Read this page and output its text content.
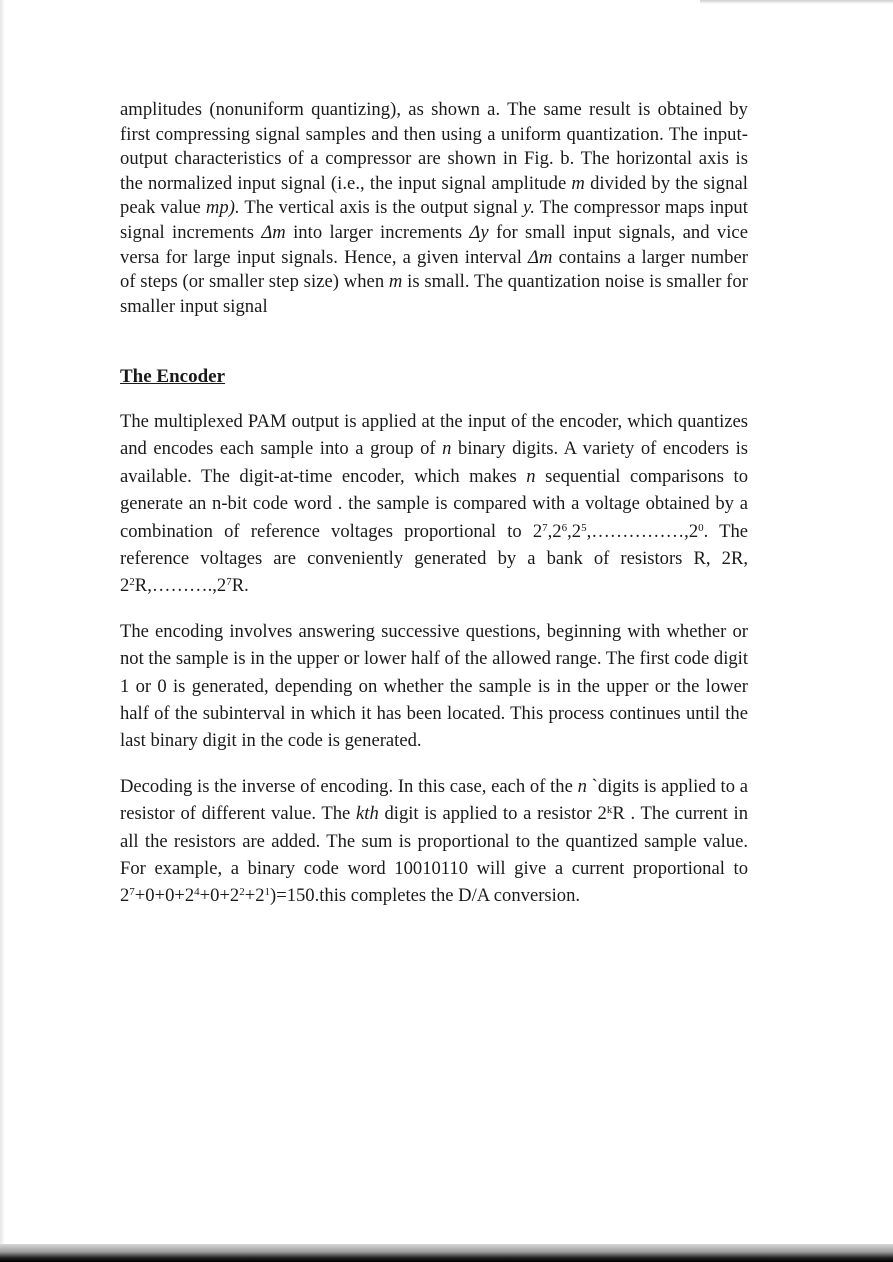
amplitudes (nonuniform quantizing), as shown a. The same result is obtained by first compressing signal samples and then using a uniform quantization. The input-output characteristics of a compressor are shown in Fig. b. The horizontal axis is the normalized input signal (i.e., the input signal amplitude m divided by the signal peak value mp). The vertical axis is the output signal y. The compressor maps input signal increments Δm into larger increments Δy for small input signals, and vice versa for large input signals. Hence, a given interval Δm contains a larger number of steps (or smaller step size) when m is small. The quantization noise is smaller for smaller input signal

The Encoder

The multiplexed PAM output is applied at the input of the encoder, which quantizes and encodes each sample into a group of n binary digits. A variety of encoders is available. The digit-at-time encoder, which makes n sequential comparisons to generate an n-bit code word . the sample is compared with a voltage obtained by a combination of reference voltages proportional to $2^7,2^6,2^5,\dots\dots\dots\dots\dots,2^0$. The reference voltages are conveniently generated by a bank of resistors R, 2R, $2^2R,\dots\dots\dots.,2^7R$.

The encoding involves answering successive questions, beginning with whether or not the sample is in the upper or lower half of the allowed range. The first code digit 1 or 0 is generated, depending on whether the sample is in the upper or the lower half of the subinterval in which it has been located. This process continues until the last binary digit in the code is generated.

Decoding is the inverse of encoding. In this case, each of the n `digits is applied to a resistor of different value. The kth digit is applied to a resistor 2$^k$R . The current in all the resistors are added. The sum is proportional to the quantized sample value. For example, a binary code word 10010110 will give a current proportional to $2^7+0+0+2^4+0+2^2+2^1)=150.this$ completes the D/A conversion.
